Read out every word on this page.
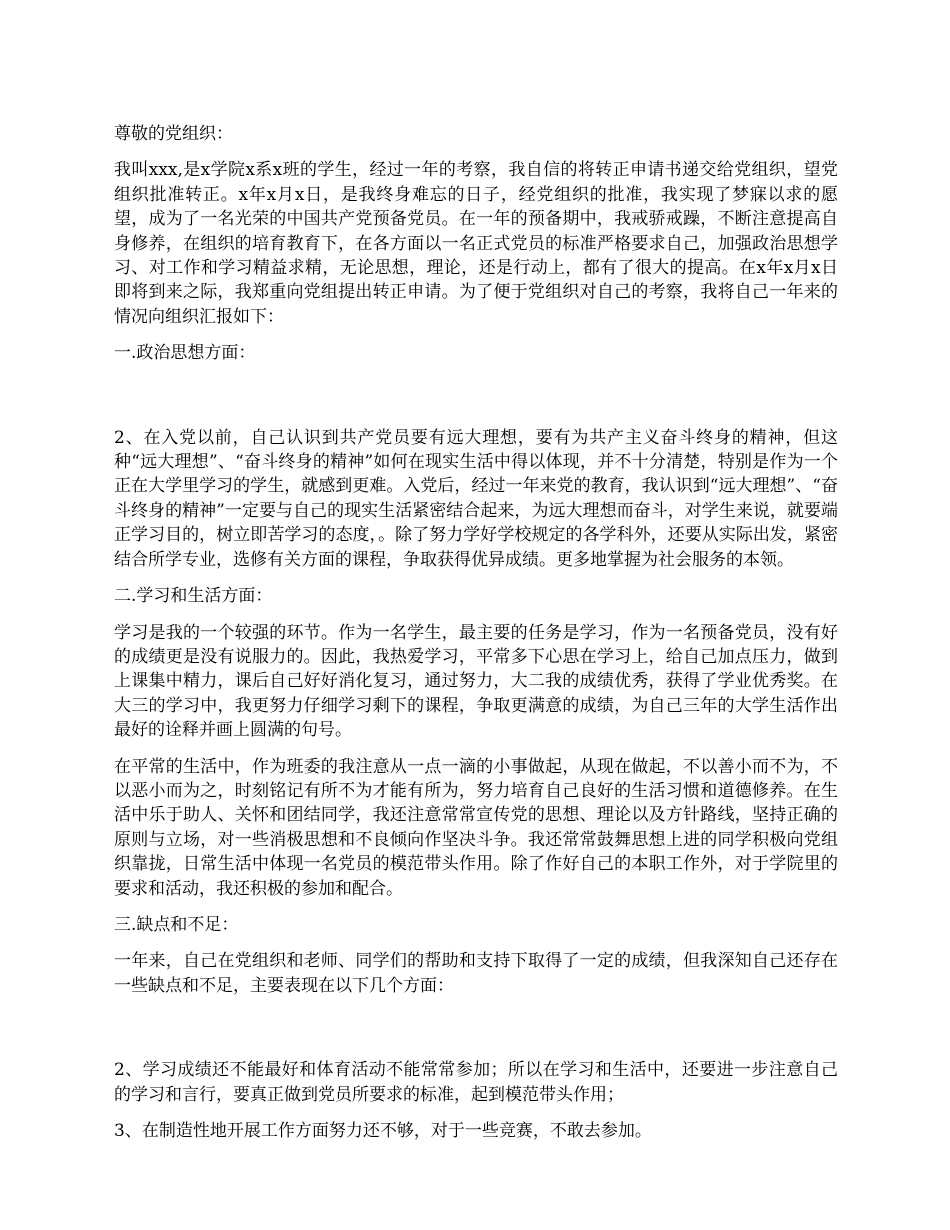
尊敬的党组织：

我叫xxx,是x学院x系x班的学生，经过一年的考察，我自信的将转正申请书递交给党组织，望党组织批准转正。x年x月x日，是我终身难忘的日子，经党组织的批准，我实现了梦寐以求的愿望，成为了一名光荣的中国共产党预备党员。在一年的预备期中，我戒骄戒躁，不断注意提高自身修养，在组织的培育教育下，在各方面以一名正式党员的标准严格要求自己，加强政治思想学习、对工作和学习精益求精，无论思想，理论，还是行动上，都有了很大的提高。在x年x月x日即将到来之际，我郑重向党组提出转正申请。为了便于党组织对自己的考察，我将自己一年来的情况向组织汇报如下：

一.政治思想方面：

2、在入党以前，自己认识到共产党员要有远大理想，要有为共产主义奋斗终身的精神，但这种“远大理想”、“奋斗终身的精神”如何在现实生活中得以体现，并不十分清楚，特别是作为一个正在大学里学习的学生，就感到更难。入党后，经过一年来党的教育，我认识到“远大理想”、“奋斗终身的精神”一定要与自己的现实生活紧密结合起来，为远大理想而奋斗，对学生来说，就要端正学习目的，树立即苦学习的态度，。除了努力学好学校规定的各学科外，还要从实际出发，紧密结合所学专业，选修有关方面的课程，争取获得优异成绩。更多地掌握为社会服务的本领。

二.学习和生活方面：

学习是我的一个较强的环节。作为一名学生，最主要的任务是学习，作为一名预备党员，没有好的成绩更是没有说服力的。因此，我热爱学习，平常多下心思在学习上，给自己加点压力，做到上课集中精力，课后自己好好消化复习，通过努力，大二我的成绩优秀，获得了学业优秀奖。在大三的学习中，我更努力仔细学习剩下的课程，争取更满意的成绩，为自己三年的大学生活作出最好的诠释并画上圆满的句号。

在平常的生活中，作为班委的我注意从一点一滴的小事做起，从现在做起，不以善小而不为，不以恶小而为之，时刻铭记有所不为才能有所为，努力培育自己良好的生活习惯和道德修养。在生活中乐于助人、关怀和团结同学，我还注意常常宣传党的思想、理论以及方针路线，坚持正确的原则与立场，对一些消极思想和不良倾向作坚决斗争。我还常常鼓舞思想上进的同学积极向党组织靠拢，日常生活中体现一名党员的模范带头作用。除了作好自己的本职工作外，对于学院里的要求和活动，我还积极的参加和配合。

三.缺点和不足：

一年来，自己在党组织和老师、同学们的帮助和支持下取得了一定的成绩，但我深知自己还存在一些缺点和不足，主要表现在以下几个方面：

2、学习成绩还不能最好和体育活动不能常常参加；所以在学习和生活中，还要进一步注意自己的学习和言行，要真正做到党员所要求的标准，起到模范带头作用；

3、在制造性地开展工作方面努力还不够，对于一些竞赛，不敢去参加。
